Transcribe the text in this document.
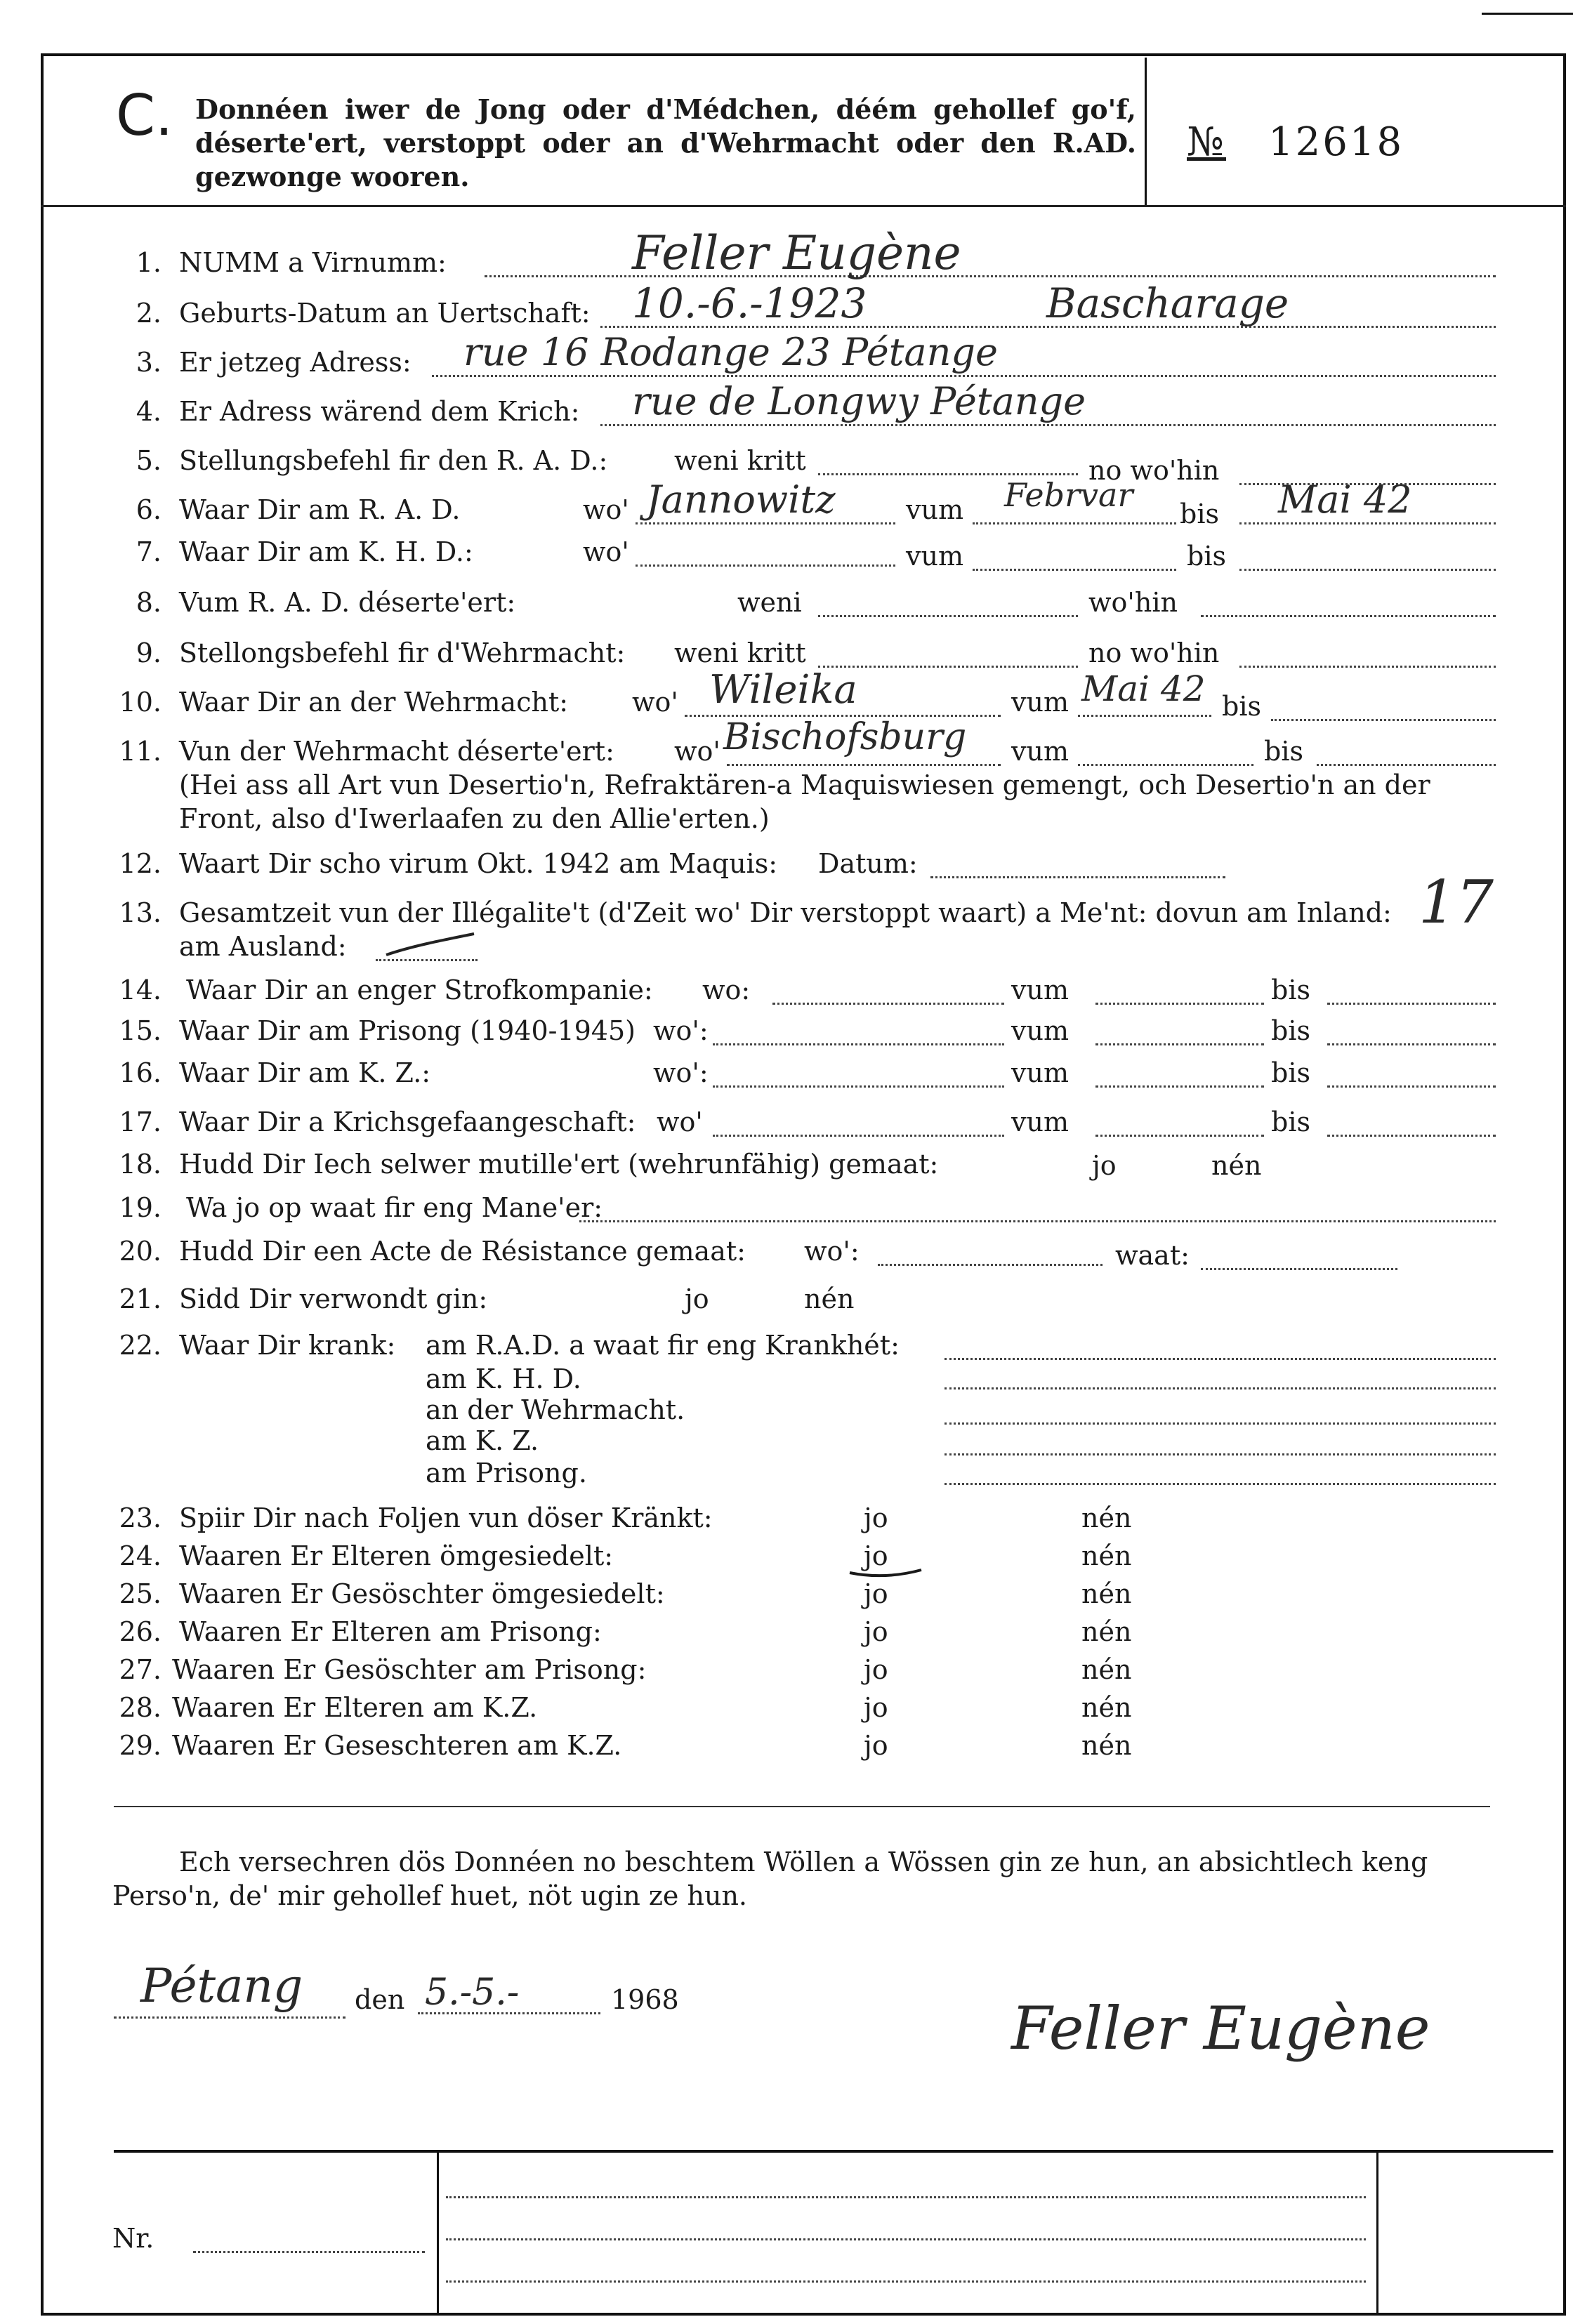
C. Donnéen iwer de Jong oder d'Médchen, déém gehollef go'f, déserte'ert, verstoppt oder an d'Wehrmacht oder den R.AD. gezwonge wooren.
№ 12618
1. NUMM a Virnumm:	Feller Eugène
2. Geburts-Datum an Uertschaft: 10.-6.-1923	Bascharage
3. Er jetzeg Adress: rue 16 Rodange 23 Pétange
4. Er Adress wärend dem Krich: rue de Longwy Pétange
5. Stellungsbefehl fir den R. A. D.: weni kritt	no wo'hin
6. Waar Dir am R. A. D.	wo' Jannowitz	vum Febrvar bis Mai 42
7. Waar Dir am K. H. D.:	wo'	vum	bis
8. Vum R. A. D. déserte'ert:	weni	wo'hin
9. Stellongsbefehl fir d'Wehrmacht: weni kritt	no wo'hin
10. Waar Dir an der Wehrmacht: wo' Wileika	vum Mai 42 bis
11. Vun der Wehrmacht déserte'ert: wo' Bischofsburg vum	bis
(Hei ass all Art vun Desertio'n, Refraktären-a Maquiswiesen gemengt, och Desertio'n an der
Front, also d'Iwerlaafen zu den Allie'erten.)
12. Waart Dir scho virum Okt. 1942 am Maquis: Datum:
13. Gesamtzeit vun der Illégalite't (d'Zeit wo' Dir verstoppt waart) a Me'nt: dovun am Inland: 17
am Ausland:
14. Waar Dir an enger Strofkompanie: wo:	vum	bis
15. Waar Dir am Prisong (1940-1945) wo':	vum	bis
16. Waar Dir am K. Z.:	wo':	vum	bis
17. Waar Dir a Krichsgefaangeschaft: wo'	vum	bis
18. Hudd Dir Iech selwer mutille'ert (wehrunfähig) gemaat:	jo	nén
19. Wa jo op waat fir eng Mane'er:
20. Hudd Dir een Acte de Résistance gemaat: wo':	waat:
21. Sidd Dir verwondt gin:	jo	nén
22. Waar Dir krank: am R.A.D. a waat fir eng Krankhét:
am K. H. D.
an der Wehrmacht.
am K. Z.
am Prisong.
23. Spiir Dir nach Foljen vun döser Kränkt:	jo	nén
24. Waaren Er Elteren ömgesiedelt:	jo	nén
25. Waaren Er Gesöschter ömgesiedelt:	jo	nén
26. Waaren Er Elteren am Prisong:	jo	nén
27. Waaren Er Gesöschter am Prisong:	jo	nén
28. Waaren Er Elteren am K.Z.	jo	nén
29. Waaren Er Geseschteren am K.Z.	jo	nén
Ech versechren dös Donnéen no beschtem Wöllen a Wössen gin ze hun, an absichtlech keng
Perso'n, de' mir gehollef huet, nöt ugin ze hun.
Pétang den 5.-5.-	1968	Feller Eugène
Nr.
